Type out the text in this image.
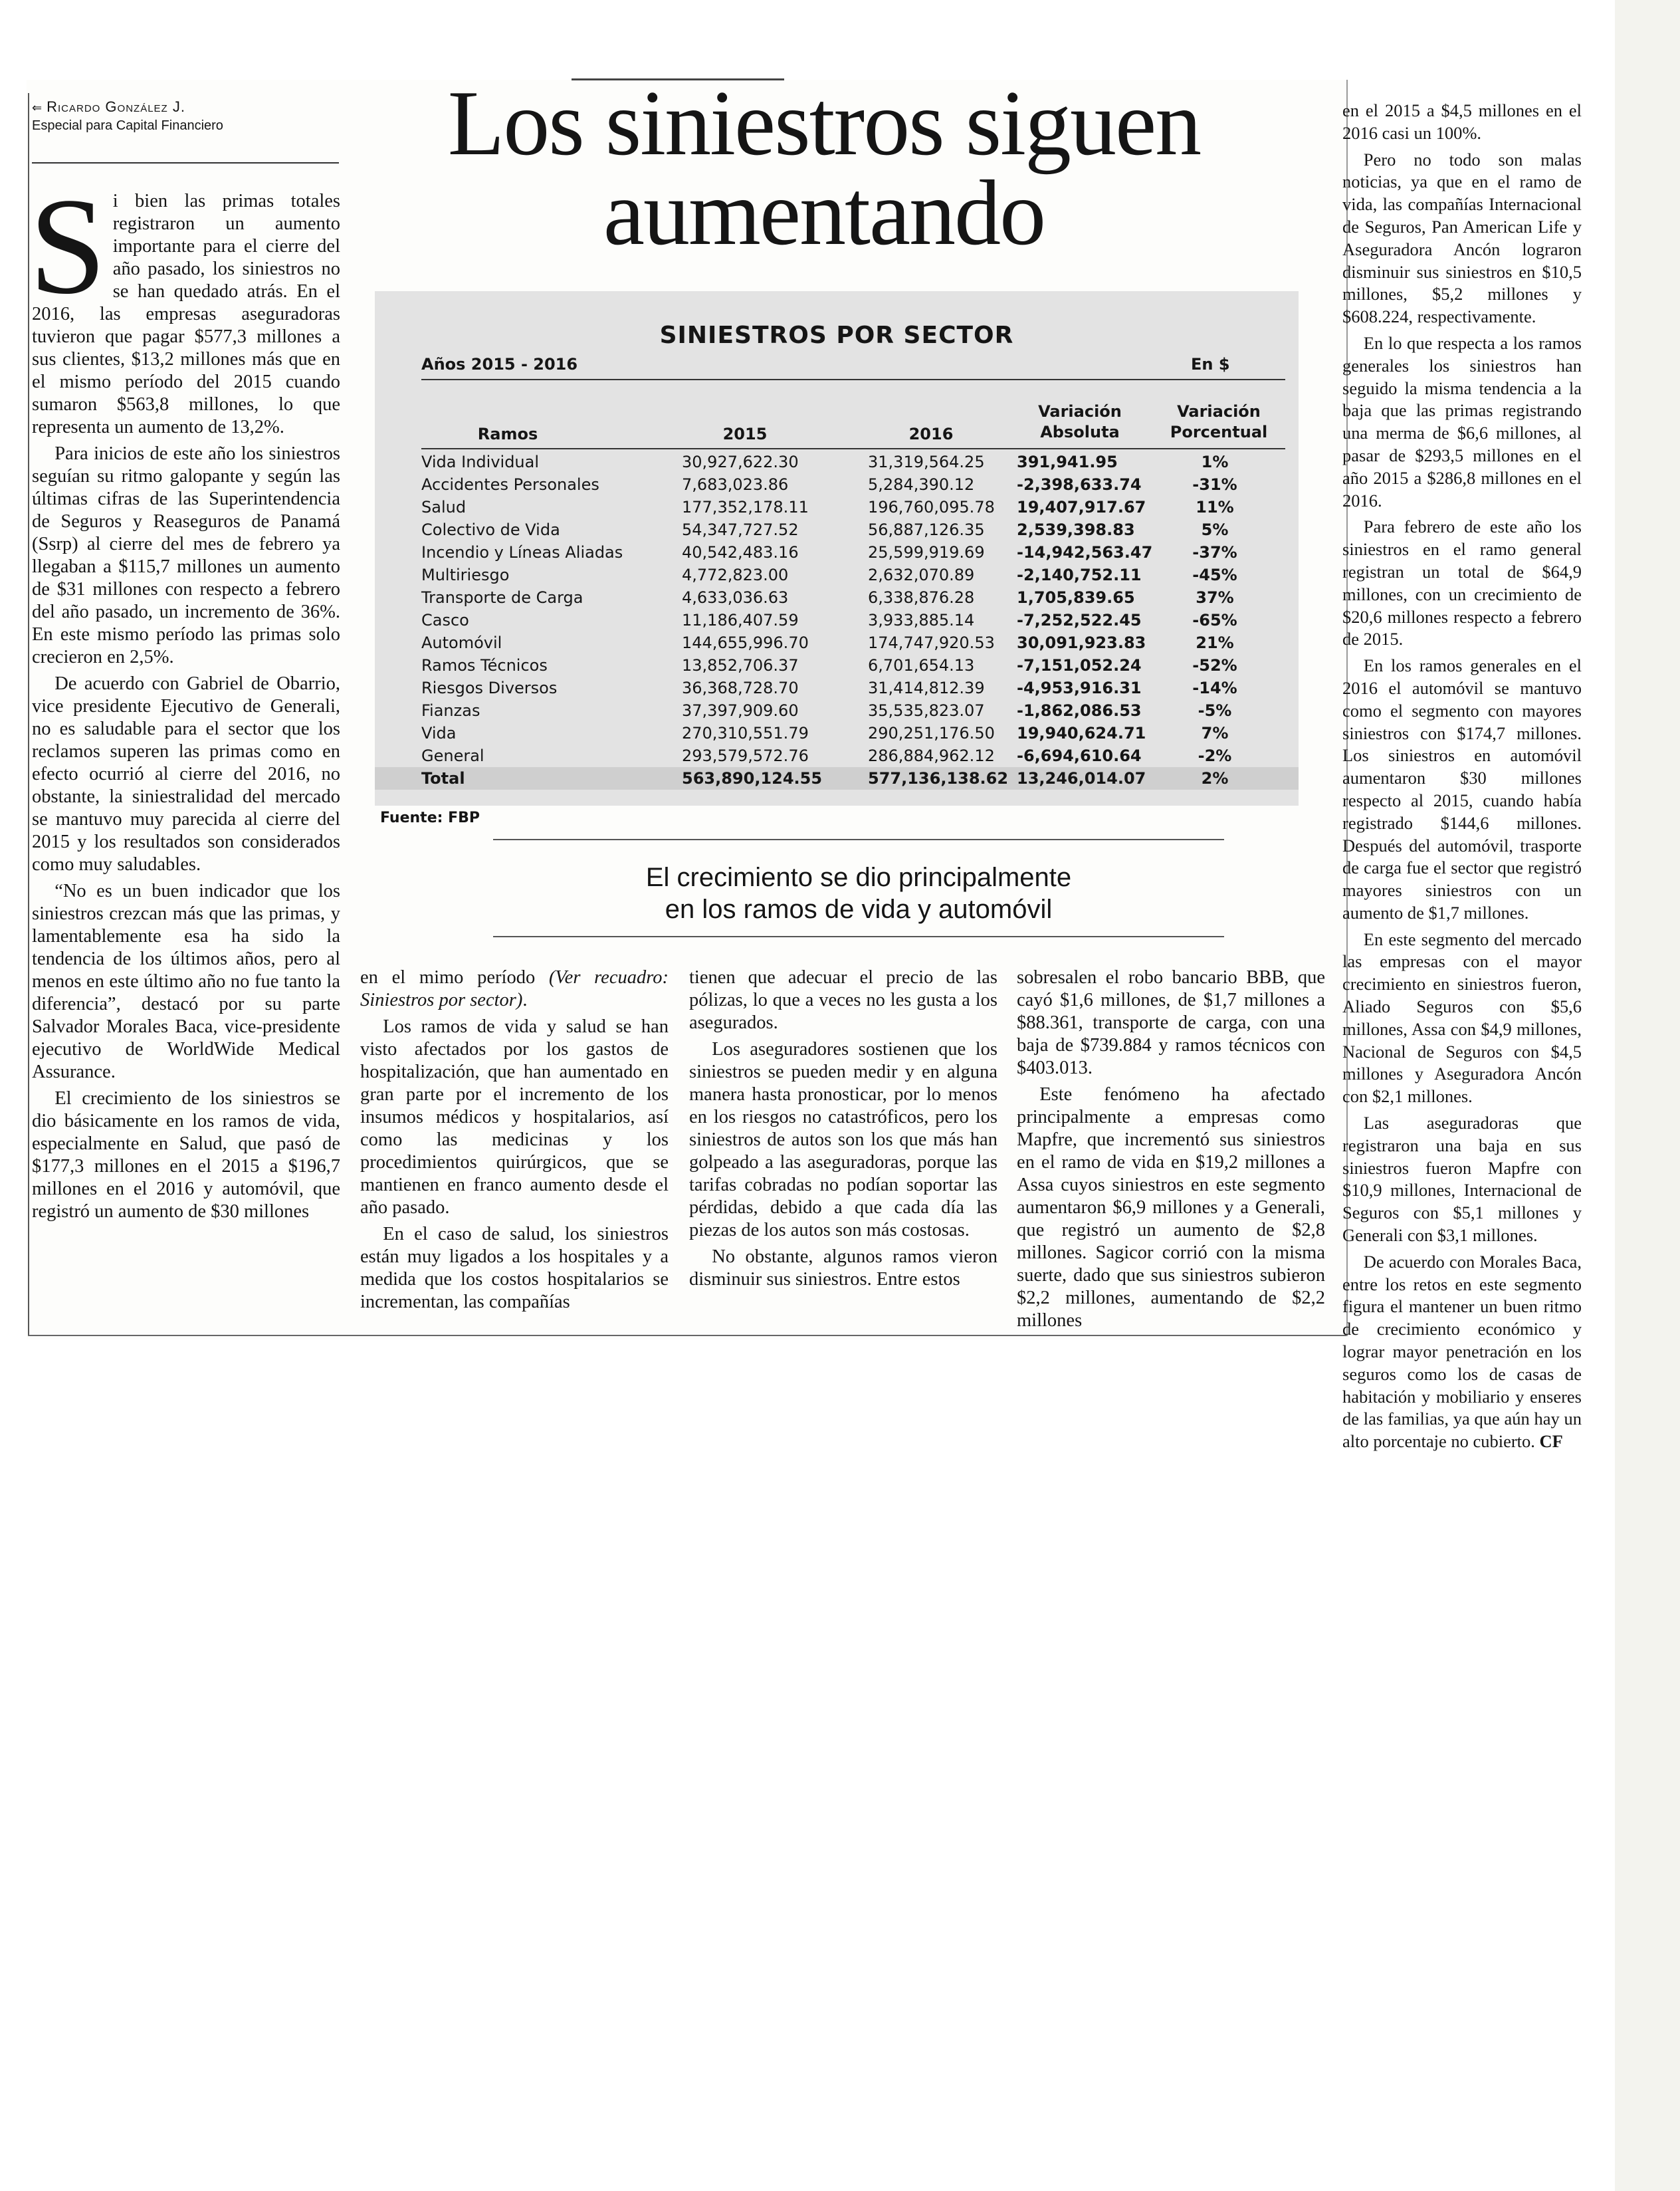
⇐ Ricardo González J.
Especial para Capital Financiero	Los siniestros siguen aumentando

Si bien las primas totales registraron un aumento importante para el cierre del año pasado, los siniestros no se han quedado atrás. En el 2016, las empresas aseguradoras tuvieron que pagar $577,3 millones a sus clientes, $13,2 millones más que en el mismo período del 2015 cuando sumaron $563,8 millones, lo que representa un aumento de 13,2%.

Para inicios de este año los siniestros seguían su ritmo galopante y según las últimas cifras de las Superintendencia de Seguros y Reaseguros de Panamá (Ssrp) al cierre del mes de febrero ya llegaban a $115,7 millones un aumento de $31 millones con respecto a febrero del año pasado, un incremento de 36%. En este mismo período las primas solo crecieron en 2,5%.

De acuerdo con Gabriel de Obarrio, vice presidente Ejecutivo de Generali, no es saludable para el sector que los reclamos superen las primas como en efecto ocurrió al cierre del 2016, no obstante, la siniestralidad del mercado se mantuvo muy parecida al cierre del 2015 y los resultados son considerados como muy saludables.

“No es un buen indicador que los siniestros crezcan más que las primas, y lamentablemente esa ha sido la tendencia de los últimos años, pero al menos en este último año no fue tanto la diferencia”, destacó por su parte Salvador Morales Baca, vice-presidente ejecutivo de WorldWide Medical Assurance.

El crecimiento de los siniestros se dio básicamente en los ramos de vida, especialmente en Salud, que pasó de $177,3 millones en el 2015 a $196,7 millones en el 2016 y automóvil, que registró un aumento de $30 millones

SINIESTROS POR SECTOR
Años 2015 - 2016	En $
Ramos	2015	2016
Variación
Absoluta
Variación
Porcentual
Vida Individual	30,927,622.30	31,319,564.25 391,941.95	1%
Accidentes Personales	7,683,023.86	5,284,390.12	-2,398,633.74	-31%
Salud	177,352,178.11	196,760,095.78 19,407,917.67	11%
Colectivo de Vida	54,347,727.52	56,887,126.35 2,539,398.83	5%
Incendio y Líneas Aliadas	40,542,483.16	25,599,919.69 -14,942,563.47	-37%
Multiriesgo	4,772,823.00	2,632,070.89	-2,140,752.11	-45%
Transporte de Carga	4,633,036.63	6,338,876.28	1,705,839.65	37%
Casco	11,186,407.59	3,933,885.14	-7,252,522.45	-65%
Automóvil	144,655,996.70	174,747,920.53 30,091,923.83	21%
Ramos Técnicos	13,852,706.37	6,701,654.13	-7,151,052.24	-52%
Riesgos Diversos	36,368,728.70	31,414,812.39 -4,953,916.31	-14%
Fianzas	37,397,909.60	35,535,823.07 -1,862,086.53	-5%
Vida	270,310,551.79	290,251,176.50 19,940,624.71	7%
General	293,579,572.76	286,884,962.12 -6,694,610.64	-2%
Total	563,890,124.55	577,136,138.62 13,246,014.07	2%
Fuente: FBP
El crecimiento se dio principalmente
en los ramos de vida y automóvil

en el mimo período (Ver recuadro: Siniestros por sector).

Los ramos de vida y salud se han visto afectados por los gastos de hospitalización, que han aumentado en gran parte por el incremento de los insumos médicos y hospitalarios, así como las medicinas y los procedimientos quirúrgicos, que se mantienen en franco aumento desde el año pasado.

En el caso de salud, los siniestros están muy ligados a los hospitales y a medida que los costos hospitalarios se incrementan, las compañías

tienen que adecuar el precio de las pólizas, lo que a veces no les gusta a los asegurados.

Los aseguradores sostienen que los siniestros se pueden medir y en alguna manera hasta pronosticar, por lo menos en los riesgos no catastróficos, pero los siniestros de autos son los que más han golpeado a las aseguradoras, porque las tarifas cobradas no podían soportar las pérdidas, debido a que cada día las piezas de los autos son más costosas.

No obstante, algunos ramos vieron disminuir sus siniestros. Entre estos

sobresalen el robo bancario BBB, que cayó $1,6 millones, de $1,7 millones a $88.361, transporte de carga, con una baja de $739.884 y ramos técnicos con $403.013.

Este fenómeno ha afectado principalmente a empresas como Mapfre, que incrementó sus siniestros en el ramo de vida en $19,2 millones a Assa cuyos siniestros en este segmento aumentaron $6,9 millones y a Generali, que registró un aumento de $2,8 millones. Sagicor corrió con la misma suerte, dado que sus siniestros subieron $2,2 millones, aumentando de $2,2 millones

en el 2015 a $4,5 millones en el 2016 casi un 100%.

Pero no todo son malas noticias, ya que en el ramo de vida, las compañías Internacional de Seguros, Pan American Life y Aseguradora Ancón lograron disminuir sus siniestros en $10,5 millones, $5,2 millones y $608.224, respectivamente.

En lo que respecta a los ramos generales los siniestros han seguido la misma tendencia a la baja que las primas registrando una merma de $6,6 millones, al pasar de $293,5 millones en el año 2015 a $286,8 millones en el 2016.

Para febrero de este año los siniestros en el ramo general registran un total de $64,9 millones, con un crecimiento de $20,6 millones respecto a febrero de 2015.

En los ramos generales en el 2016 el automóvil se mantuvo como el segmento con mayores siniestros con $174,7 millones. Los siniestros en automóvil aumentaron $30 millones respecto al 2015, cuando había registrado $144,6 millones. Después del automóvil, trasporte de carga fue el sector que registró mayores siniestros con un aumento de $1,7 millones.

En este segmento del mercado las empresas con el mayor crecimiento en siniestros fueron, Aliado Seguros con $5,6 millones, Assa con $4,9 millones, Nacional de Seguros con $4,5 millones y Aseguradora Ancón con $2,1 millones.

Las aseguradoras que registraron una baja en sus siniestros fueron Mapfre con $10,9 millones, Internacional de Seguros con $5,1 millones y Generali con $3,1 millones.

De acuerdo con Morales Baca, entre los retos en este segmento figura el mantener un buen ritmo de crecimiento económico y lograr mayor penetración en los seguros como los de casas de habitación y mobiliario y enseres de las familias, ya que aún hay un alto porcentaje no cubierto. CF
